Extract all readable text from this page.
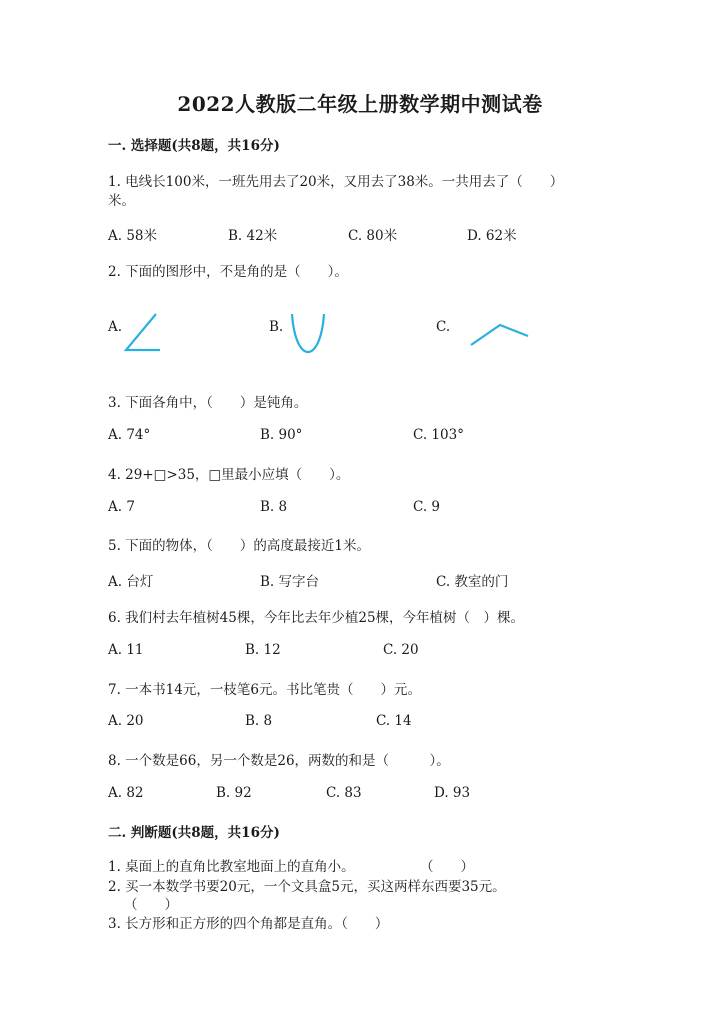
2022人教版二年级上册数学期中测试卷
一. 选择题(共8题，共16分)
1. 电线长100米，一班先用去了20米，又用去了38米。一共用去了（　　）
米。
A. 58米	B. 42米	C. 80米	D. 62米
2. 下面的图形中，不是角的是（　　）。
A.	B.	C.
3. 下面各角中，（　　）是钝角。
A. 74°	B. 90°	C. 103°
4. 29+□>35，□里最小应填（　　）。
A. 7	B. 8	C. 9
5. 下面的物体，（　　）的高度最接近1米。
A. 台灯	B. 写字台	C. 教室的门
6. 我们村去年植树45棵，今年比去年少植25棵，今年植树（　）棵。
A. 11	B. 12	C. 20
7. 一本书14元，一枝笔6元。书比笔贵（　　）元。
A. 20	B. 8	C. 14
8. 一个数是66，另一个数是26，两数的和是（　　　）。
A. 82	B. 92	C. 83	D. 93
二. 判断题(共8题，共16分)
1. 桌面上的直角比教室地面上的直角小。	（　　）
2. 买一本数学书要20元，一个文具盒5元，买这两样东西要35元。
（　　）
3. 长方形和正方形的四个角都是直角。（　　）
